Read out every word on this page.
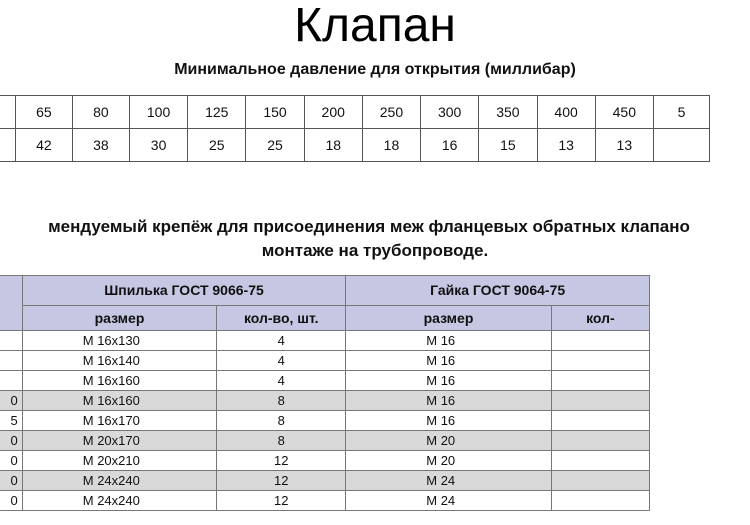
Клапан
Минимальное давление для открытия (миллибар)
	65	80	100	125	150	200	250	300	350	400	450	5
	42	38	30	25	25	18	18	16	15	13	13	
мендуемый крепёж для присоединения меж фланцевых обратных клапано
монтаже на трубопроводе.
	Шпилька ГОСТ 9066-75		Гайка ГОСТ 9064-75	
	размер	кол-во, шт.	размер	кол-
	М 16х130	4	М 16	
	М 16х140	4	М 16	
	М 16х160	4	М 16	
0	М 16х160	8	М 16	
5	М 16х170	8	М 16	
0	М 20х170	8	М 20	
0	М 20х210	12	М 20	
0	М 24х240	12	М 24	
0	М 24х240	12	М 24	
